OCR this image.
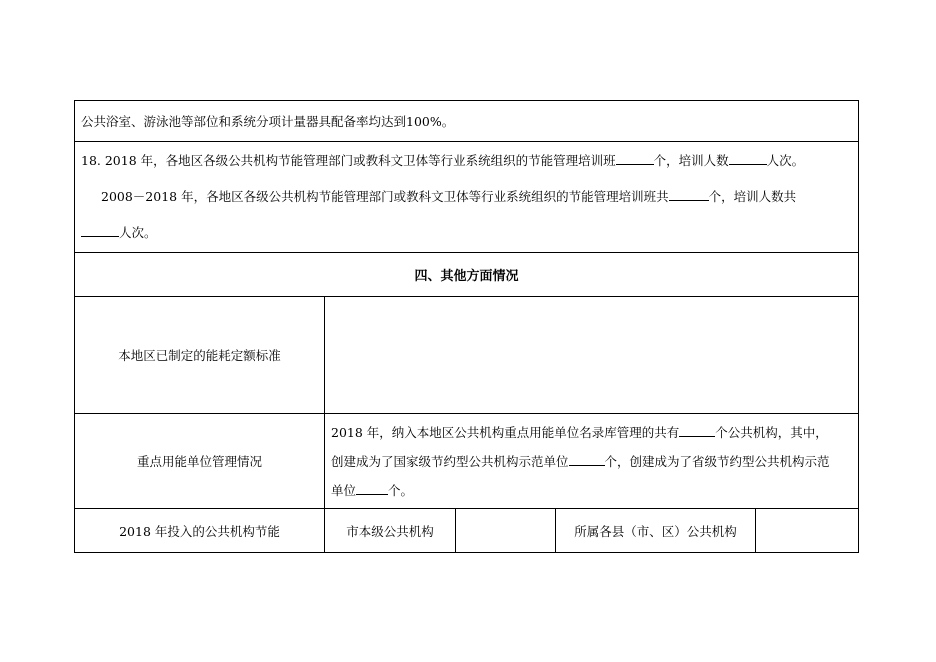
公共浴室、游泳池等部位和系统分项计量器具配备率均达到100%。				

18. 2018 年，各地区各级公共机构节能管理部门或教科文卫体等行业系统组织的节能管理培训班 个，培训人数 人次。
2008－2018 年，各地区各级公共机构节能管理部门或教科文卫体等行业系统组织的节能管理培训班共 个，培训人数共
人次。				

四、其他方面情况				
本地区已制定的能耗定额标准				
重点用能单位管理情况	2018 年，纳入本地区公共机构重点用能单位名录库管理的共有 个公共机构，其中，
创建成为了国家级节约型公共机构示范单位 个，创建成为了省级节约型公共机构示范
单位 个。			

2018 年投入的公共机构节能	市本级公共机构		所属各县（市、区）公共机构	
